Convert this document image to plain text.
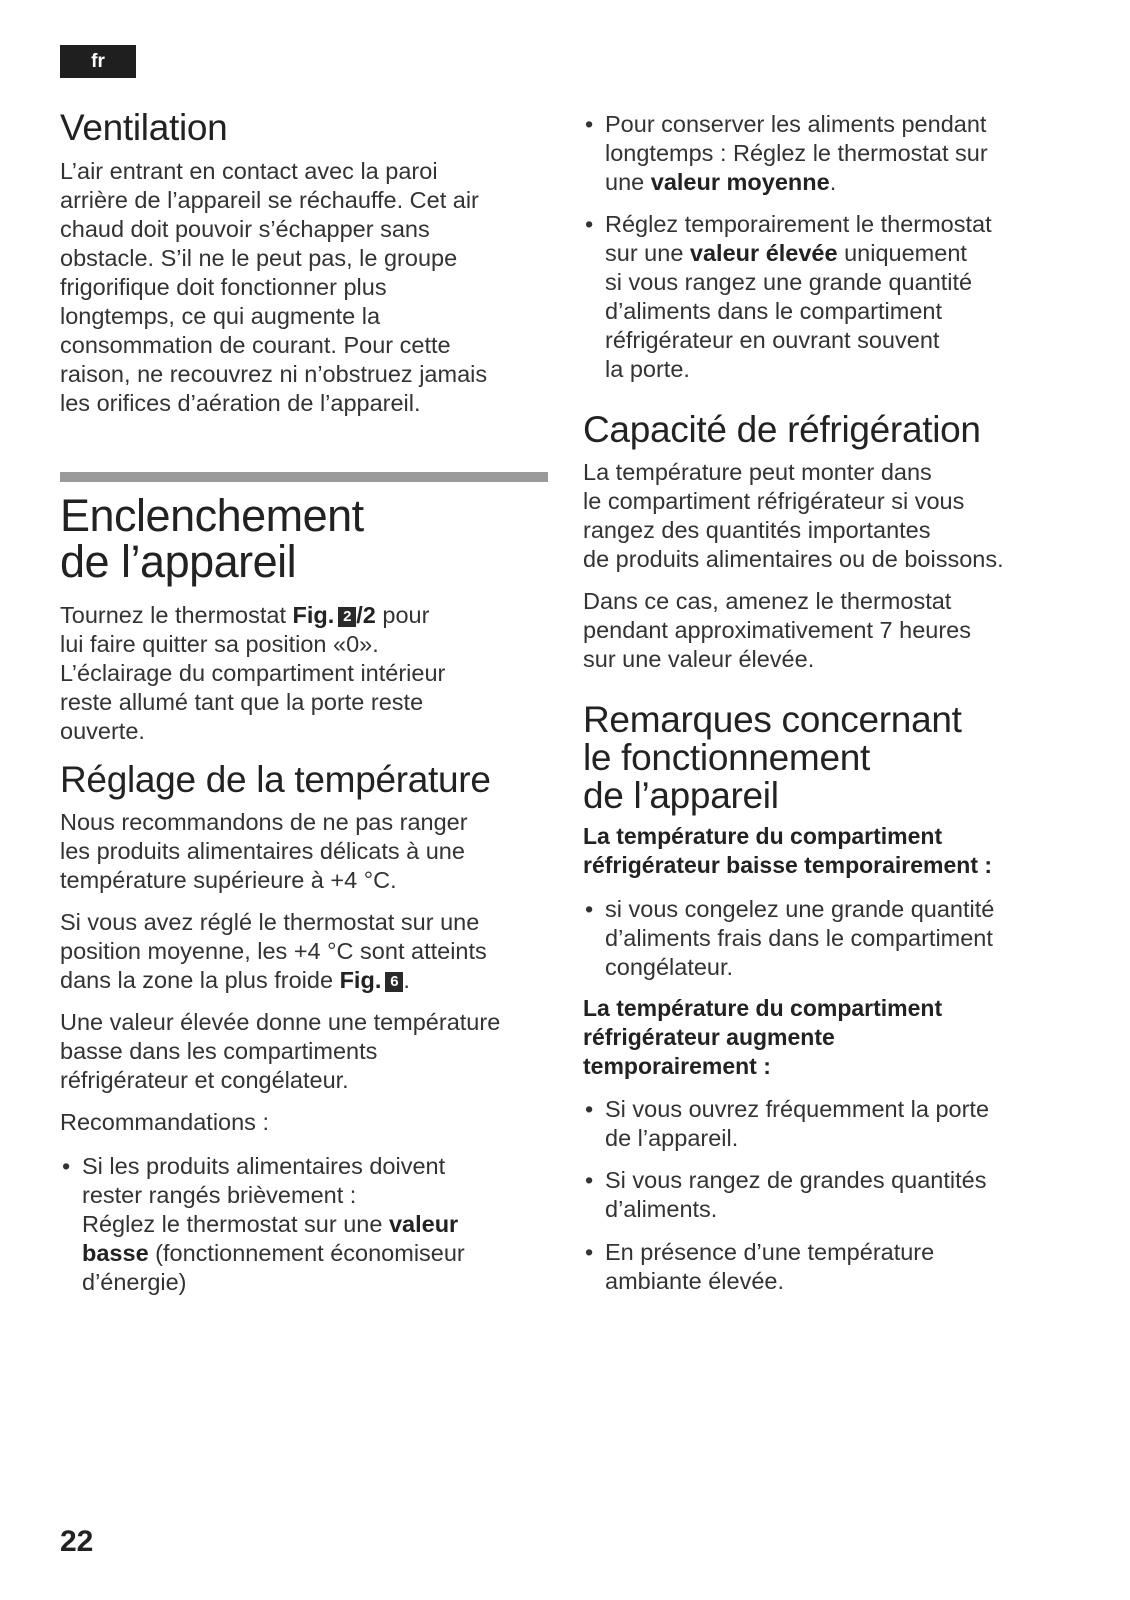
fr
Ventilation
L’air entrant en contact avec la paroi
arrière de l’appareil se réchauffe. Cet air
chaud doit pouvoir s’échapper sans
obstacle. S’il ne le peut pas, le groupe
frigorifique doit fonctionner plus
longtemps, ce qui augmente la
consommation de courant. Pour cette
raison, ne recouvrez ni n’obstruez jamais
les orifices d’aération de l’appareil.
Enclenchement
de l’appareil
Tournez le thermostat Fig. 2 /2 pour
lui faire quitter sa position «0».
L’éclairage du compartiment intérieur
reste allumé tant que la porte reste
ouverte.
Réglage de la température
Nous recommandons de ne pas ranger
les produits alimentaires délicats à une
température supérieure à +4 °C.
Si vous avez réglé le thermostat sur une
position moyenne, les +4 °C sont atteints
dans la zone la plus froide Fig. 6 .
Une valeur élevée donne une température
basse dans les compartiments
réfrigérateur et congélateur.
Recommandations :
• Si les produits alimentaires doivent
rester rangés brièvement :
Réglez le thermostat sur une valeur
basse (fonctionnement économiseur
d’énergie)
• Pour conserver les aliments pendant
longtemps : Réglez le thermostat sur
une valeur moyenne.
• Réglez temporairement le thermostat
sur une valeur élevée uniquement
si vous rangez une grande quantité
d’aliments dans le compartiment
réfrigérateur en ouvrant souvent
la porte.
Capacité de réfrigération
La température peut monter dans
le compartiment réfrigérateur si vous
rangez des quantités importantes
de produits alimentaires ou de boissons.
Dans ce cas, amenez le thermostat
pendant approximativement 7 heures
sur une valeur élevée.
Remarques concernant
le fonctionnement
de l’appareil
La température du compartiment
réfrigérateur baisse temporairement :
• si vous congelez une grande quantité
d’aliments frais dans le compartiment
congélateur.
La température du compartiment
réfrigérateur augmente
temporairement :
• Si vous ouvrez fréquemment la porte
de l’appareil.
• Si vous rangez de grandes quantités
d’aliments.
• En présence d’une température
ambiante élevée.
22
